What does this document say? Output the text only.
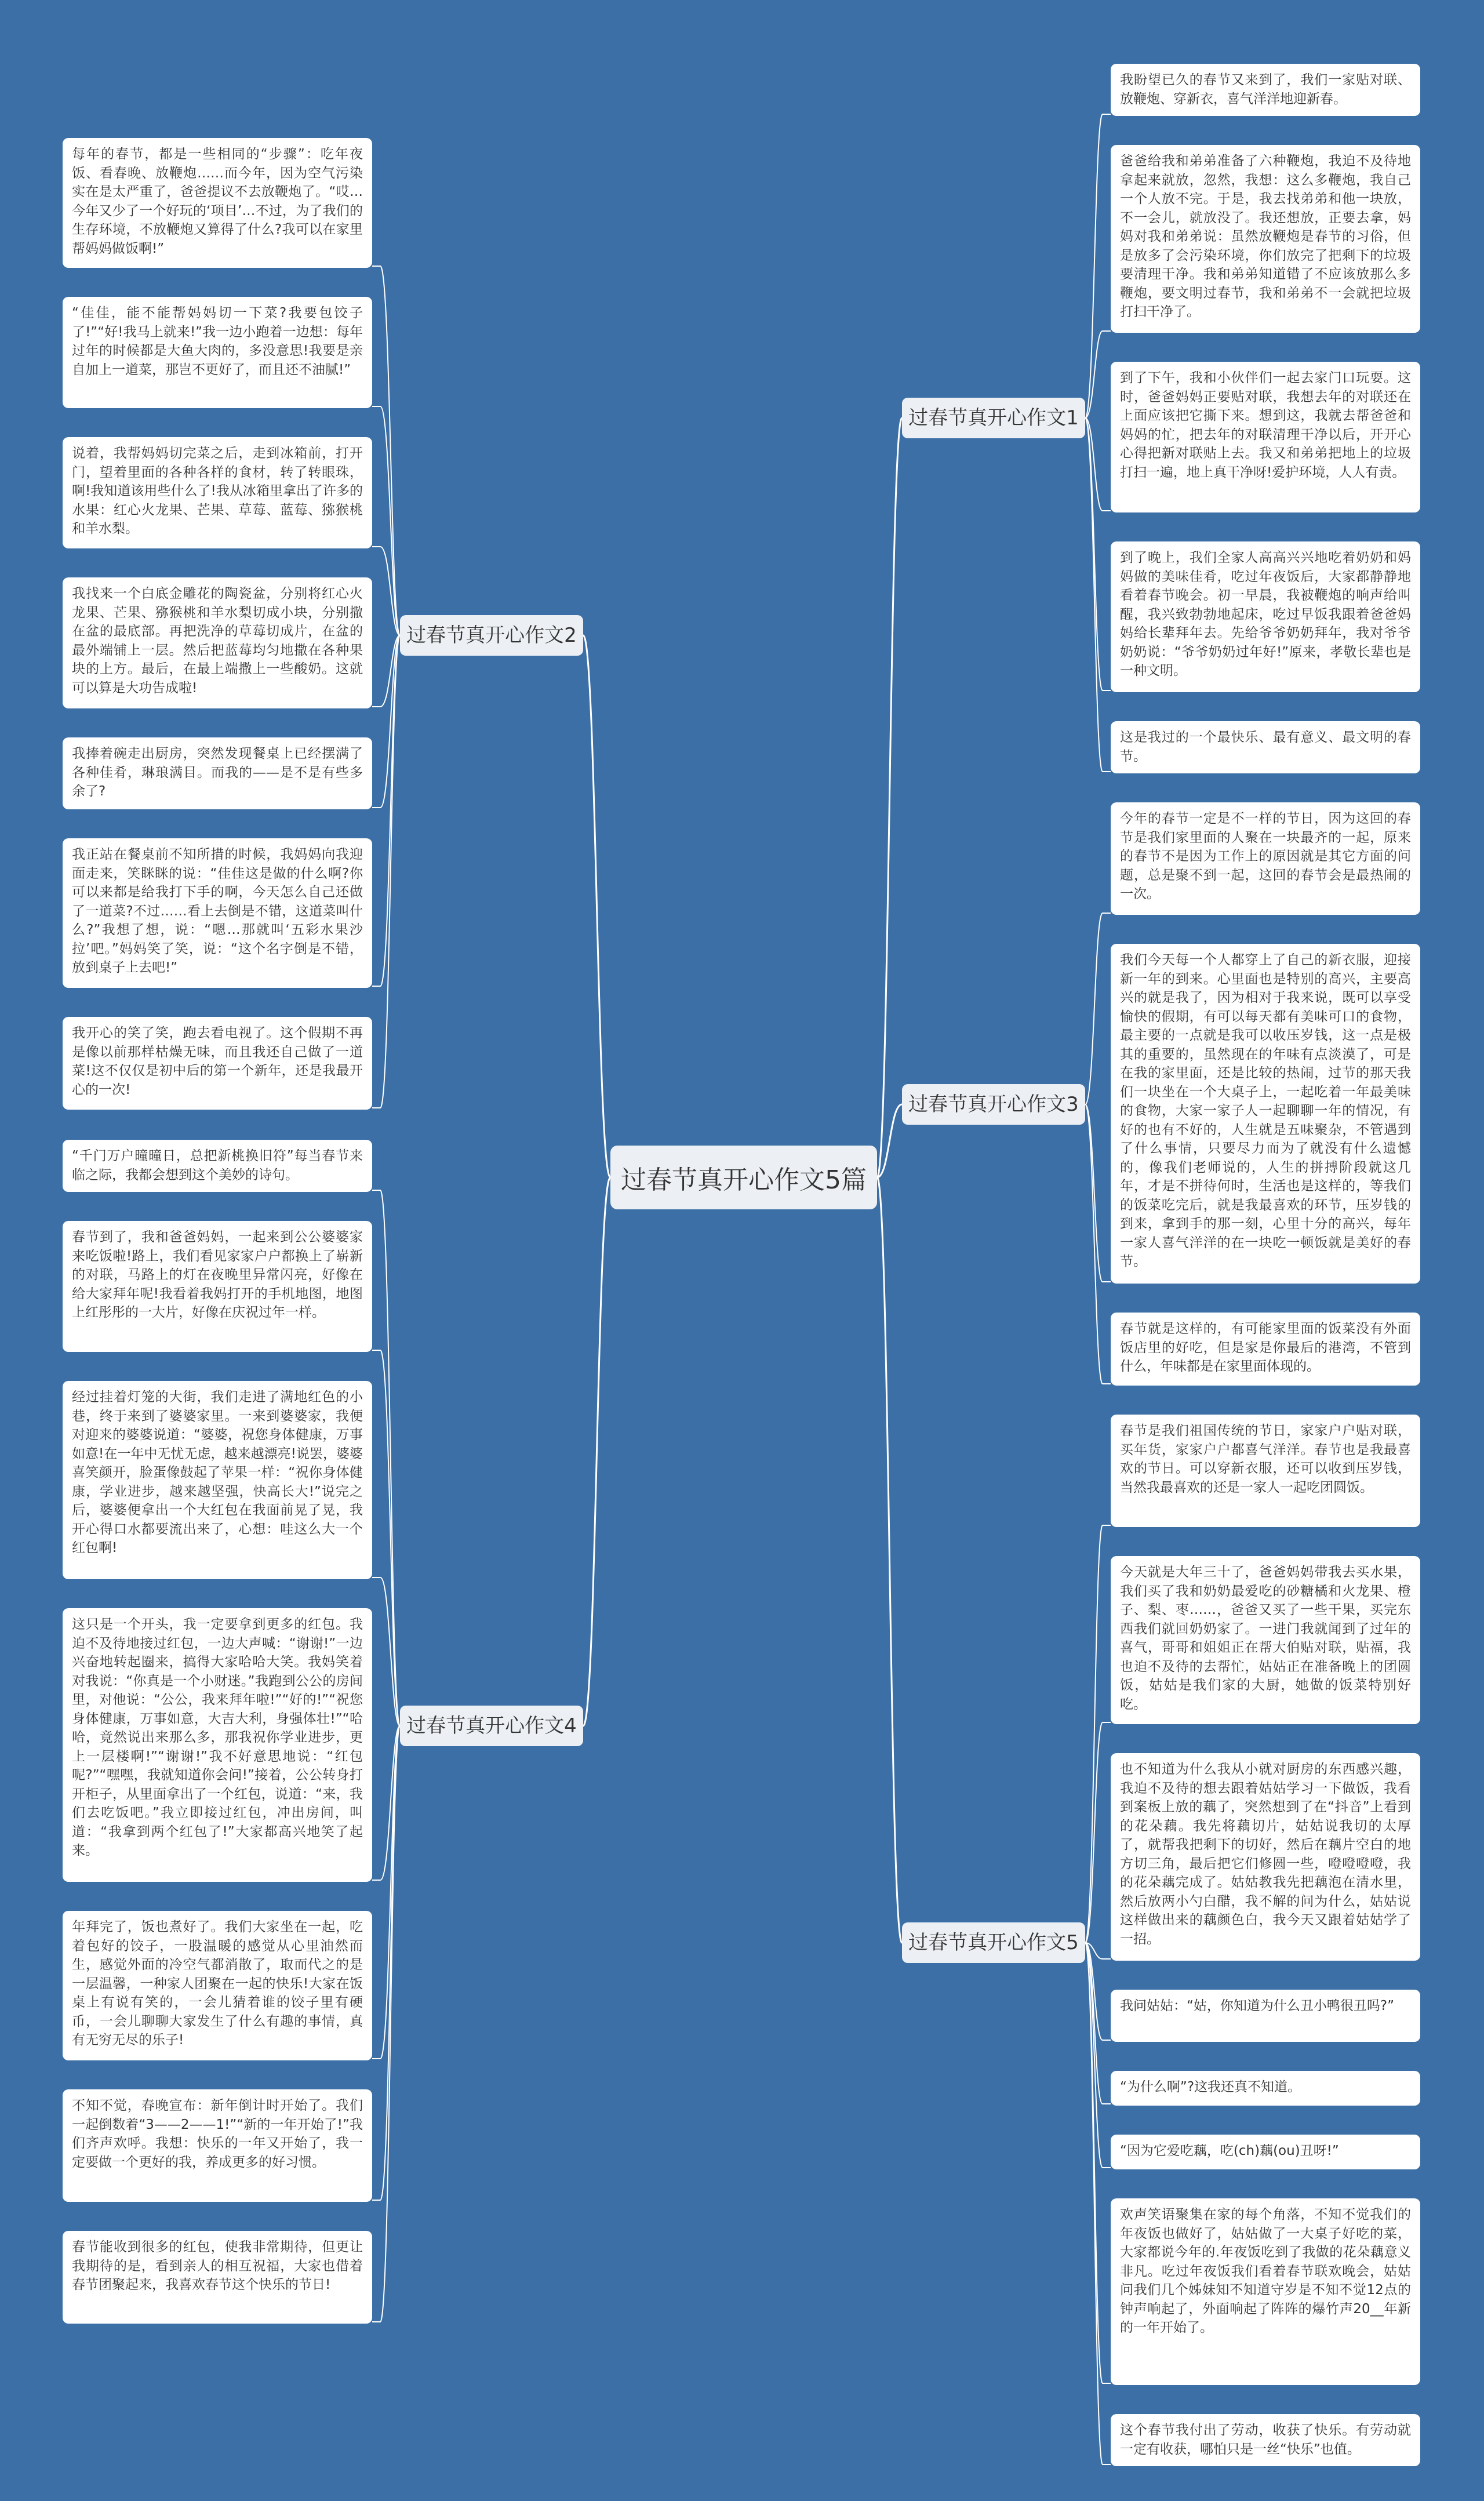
过春节真开心作文5篇
过春节真开心作文1
过春节真开心作文2
过春节真开心作文3
过春节真开心作文4
过春节真开心作文5
我盼望已久的春节又来到了，我们一家贴对联、放鞭炮、穿新衣，喜气洋洋地迎新春。
爸爸给我和弟弟准备了六种鞭炮，我迫不及待地拿起来就放，忽然，我想：这么多鞭炮，我自己一个人放不完。于是，我去找弟弟和他一块放，不一会儿，就放没了。我还想放，正要去拿，妈妈对我和弟弟说：虽然放鞭炮是春节的习俗，但是放多了会污染环境，你们放完了把剩下的垃圾要清理干净。我和弟弟知道错了不应该放那么多鞭炮，要文明过春节，我和弟弟不一会就把垃圾打扫干净了。
到了下午，我和小伙伴们一起去家门口玩耍。这时，爸爸妈妈正要贴对联，我想去年的对联还在上面应该把它撕下来。想到这，我就去帮爸爸和妈妈的忙，把去年的对联清理干净以后，开开心心得把新对联贴上去。我又和弟弟把地上的垃圾打扫一遍，地上真干净呀!爱护环境，人人有责。
到了晚上，我们全家人高高兴兴地吃着奶奶和妈妈做的美味佳肴，吃过年夜饭后，大家都静静地看着春节晚会。初一早晨，我被鞭炮的响声给叫醒，我兴致勃勃地起床，吃过早饭我跟着爸爸妈妈给长辈拜年去。先给爷爷奶奶拜年，我对爷爷奶奶说：“爷爷奶奶过年好!”原来，孝敬长辈也是一种文明。
这是我过的一个最快乐、最有意义、最文明的春节。
每年的春节，都是一些相同的“步骤”：吃年夜饭、看春晚、放鞭炮……而今年，因为空气污染实在是太严重了，爸爸提议不去放鞭炮了。“哎…今年又少了一个好玩的‘项目’…不过，为了我们的生存环境，不放鞭炮又算得了什么?我可以在家里帮妈妈做饭啊!”
“佳佳，能不能帮妈妈切一下菜?我要包饺子了!”“好!我马上就来!”我一边小跑着一边想：每年过年的时候都是大鱼大肉的，多没意思!我要是亲自加上一道菜，那岂不更好了，而且还不油腻!”
说着，我帮妈妈切完菜之后，走到冰箱前，打开门，望着里面的各种各样的食材，转了转眼珠，啊!我知道该用些什么了!我从冰箱里拿出了许多的水果：红心火龙果、芒果、草莓、蓝莓、猕猴桃和羊水梨。
我找来一个白底金雕花的陶瓷盆，分别将红心火龙果、芒果、猕猴桃和羊水梨切成小块，分别撒在盆的最底部。再把洗净的草莓切成片，在盆的最外端铺上一层。然后把蓝莓均匀地撒在各种果块的上方。最后，在最上端撒上一些酸奶。这就可以算是大功告成啦!
我捧着碗走出厨房，突然发现餐桌上已经摆满了各种佳肴，琳琅满目。而我的——是不是有些多余了?
我正站在餐桌前不知所措的时候，我妈妈向我迎面走来，笑眯眯的说：“佳佳这是做的什么啊?你可以来都是给我打下手的啊，今天怎么自己还做了一道菜?不过……看上去倒是不错，这道菜叫什么?”我想了想，说：“嗯…那就叫‘五彩水果沙拉’吧。”妈妈笑了笑，说：“这个名字倒是不错，放到桌子上去吧!”
我开心的笑了笑，跑去看电视了。这个假期不再是像以前那样枯燥无味，而且我还自己做了一道菜!这不仅仅是初中后的第一个新年，还是我最开心的一次!
今年的春节一定是不一样的节日，因为这回的春节是我们家里面的人聚在一块最齐的一起，原来的春节不是因为工作上的原因就是其它方面的问题，总是聚不到一起，这回的春节会是最热闹的一次。
我们今天每一个人都穿上了自己的新衣服，迎接新一年的到来。心里面也是特别的高兴，主要高兴的就是我了，因为相对于我来说，既可以享受愉快的假期，有可以每天都有美味可口的食物，最主要的一点就是我可以收压岁钱，这一点是极其的重要的，虽然现在的年味有点淡漠了，可是在我的家里面，还是比较的热闹，过节的那天我们一块坐在一个大桌子上，一起吃着一年最美味的食物，大家一家子人一起聊聊一年的情况，有好的也有不好的，人生就是五味聚杂，不管遇到了什么事情，只要尽力而为了就没有什么遗憾的，像我们老师说的，人生的拼搏阶段就这几年，才是不拼待何时，生活也是这样的，等我们的饭菜吃完后，就是我最喜欢的环节，压岁钱的到来，拿到手的那一刻，心里十分的高兴，每年一家人喜气洋洋的在一块吃一顿饭就是美好的春节。
春节就是这样的，有可能家里面的饭菜没有外面饭店里的好吃，但是家是你最后的港湾，不管到什么，年味都是在家里面体现的。
“千门万户曈曈日，总把新桃换旧符”每当春节来临之际，我都会想到这个美妙的诗句。
春节到了，我和爸爸妈妈，一起来到公公婆婆家来吃饭啦!路上，我们看见家家户户都换上了崭新的对联，马路上的灯在夜晚里异常闪亮，好像在给大家拜年呢!我看着我妈打开的手机地图，地图上红彤彤的一大片，好像在庆祝过年一样。
经过挂着灯笼的大街，我们走进了满地红色的小巷，终于来到了婆婆家里。一来到婆婆家，我便对迎来的婆婆说道：“婆婆，祝您身体健康，万事如意!在一年中无忧无虑，越来越漂亮!说罢，婆婆喜笑颜开，脸蛋像鼓起了苹果一样：“祝你身体健康，学业进步，越来越坚强，快高长大!”说完之后，婆婆便拿出一个大红包在我面前晃了晃，我开心得口水都要流出来了，心想：哇这么大一个红包啊!
这只是一个开头，我一定要拿到更多的红包。我迫不及待地接过红包，一边大声喊：“谢谢!”一边兴奋地转起圈来，搞得大家哈哈大笑。我妈笑着对我说：“你真是一个小财迷。”我跑到公公的房间里，对他说：“公公，我来拜年啦!”“好的!”“祝您身体健康，万事如意，大吉大利，身强体壮!”“哈哈，竟然说出来那么多，那我祝你学业进步，更上一层楼啊!”“谢谢!”我不好意思地说：“红包呢?”“嘿嘿，我就知道你会问!”接着，公公转身打开柜子，从里面拿出了一个红包，说道：“来，我们去吃饭吧。”我立即接过红包，冲出房间，叫道：“我拿到两个红包了!”大家都高兴地笑了起来。
年拜完了，饭也煮好了。我们大家坐在一起，吃着包好的饺子，一股温暖的感觉从心里油然而生，感觉外面的冷空气都消散了，取而代之的是一层温馨，一种家人团聚在一起的快乐!大家在饭桌上有说有笑的，一会儿猜着谁的饺子里有硬币，一会儿聊聊大家发生了什么有趣的事情，真有无穷无尽的乐子!
不知不觉，春晚宣布：新年倒计时开始了。我们一起倒数着“3——2——1!”“新的一年开始了!”我们齐声欢呼。我想：快乐的一年又开始了，我一定要做一个更好的我，养成更多的好习惯。
春节能收到很多的红包，使我非常期待，但更让我期待的是，看到亲人的相互祝福，大家也借着春节团聚起来，我喜欢春节这个快乐的节日!
春节是我们祖国传统的节日，家家户户贴对联，买年货，家家户户都喜气洋洋。春节也是我最喜欢的节日。可以穿新衣服，还可以收到压岁钱，当然我最喜欢的还是一家人一起吃团圆饭。
今天就是大年三十了，爸爸妈妈带我去买水果，我们买了我和奶奶最爱吃的砂糖橘和火龙果、橙子、梨、枣……，爸爸又买了一些干果，买完东西我们就回奶奶家了。一进门我就闻到了过年的喜气，哥哥和姐姐正在帮大伯贴对联，贴福，我也迫不及待的去帮忙，姑姑正在准备晚上的团圆饭，姑姑是我们家的大厨，她做的饭菜特别好吃。
也不知道为什么我从小就对厨房的东西感兴趣，我迫不及待的想去跟着姑姑学习一下做饭，我看到案板上放的藕了，突然想到了在“抖音”上看到的花朵藕。我先将藕切片，姑姑说我切的太厚了，就帮我把剩下的切好，然后在藕片空白的地方切三角，最后把它们修圆一些，噔噔噔噔，我的花朵藕完成了。姑姑教我先把藕泡在清水里，然后放两小勺白醋，我不解的问为什么，姑姑说这样做出来的藕颜色白，我今天又跟着姑姑学了一招。
我问姑姑：“姑，你知道为什么丑小鸭很丑吗?”
“为什么啊”?这我还真不知道。
“因为它爱吃藕，吃(ch)藕(ou)丑呀!”
欢声笑语聚集在家的每个角落，不知不觉我们的年夜饭也做好了，姑姑做了一大桌子好吃的菜，大家都说今年的.年夜饭吃到了我做的花朵藕意义非凡。吃过年夜饭我们看着春节联欢晚会，姑姑问我们几个姊妹知不知道守岁是不知不觉12点的钟声响起了，外面响起了阵阵的爆竹声20__年新的一年开始了。
这个春节我付出了劳动，收获了快乐。有劳动就一定有收获，哪怕只是一丝“快乐”也值。
